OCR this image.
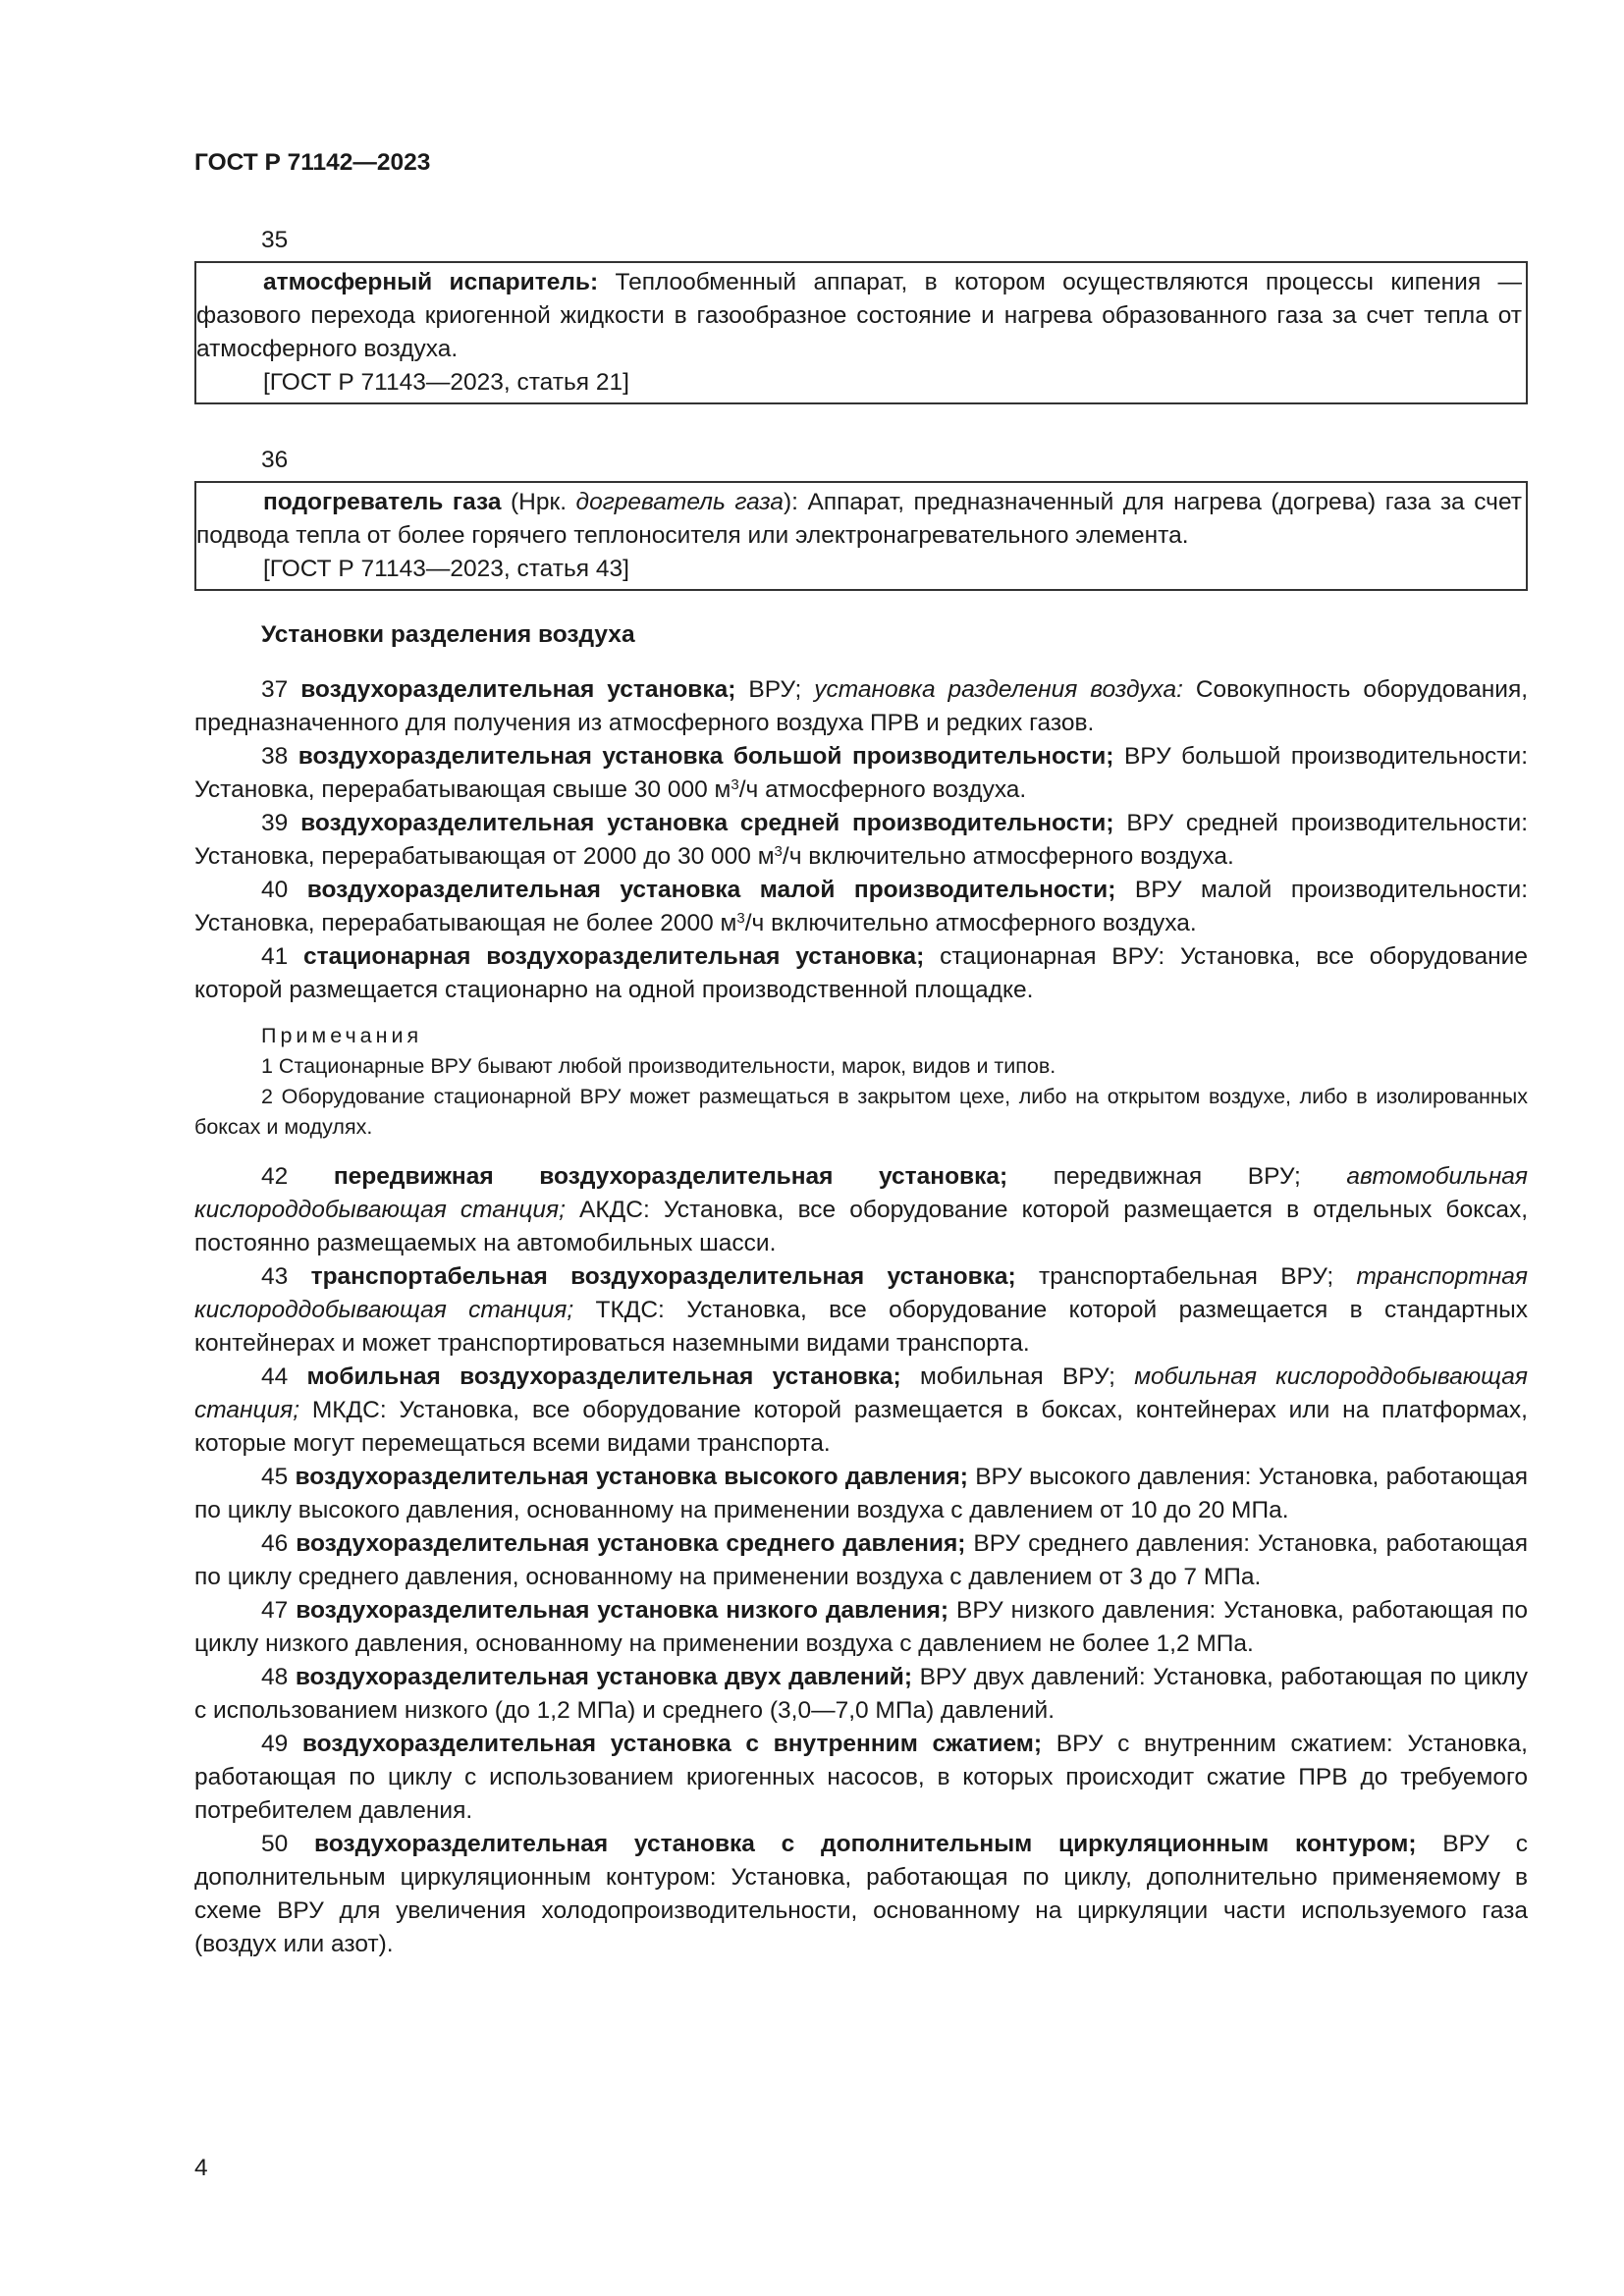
ГОСТ Р 71142—2023
35

атмосферный испаритель: Теплообменный аппарат, в котором осуществляются процессы кипения — фазового перехода криогенной жидкости в газообразное состояние и нагрева образованного газа за счет тепла от атмосферного воздуха.

[ГОСТ Р 71143—2023, статья 21]

36

подогреватель газа (Нрк. догреватель газа): Аппарат, предназначенный для нагрева (догрева) газа за счет подвода тепла от более горячего теплоносителя или электронагревательного элемента.

[ГОСТ Р 71143—2023, статья 43]

Установки разделения воздуха

37 воздухоразделительная установка; ВРУ; установка разделения воздуха: Совокупность оборудования, предназначенного для получения из атмосферного воздуха ПРВ и редких газов.

38 воздухоразделительная установка большой производительности; ВРУ большой производительности: Установка, перерабатывающая свыше 30 000 $м^3/ч$ атмосферного воздуха.

39 воздухоразделительная установка средней производительности; ВРУ средней производительности: Установка, перерабатывающая от 2000 до 30 000 $м^3/ч$ включительно атмосферного воздуха.

40 воздухоразделительная установка малой производительности; ВРУ малой производительности: Установка, перерабатывающая не более 2000 $м^3/ч$ включительно атмосферного воздуха.

41 стационарная воздухоразделительная установка; стационарная ВРУ: Установка, все оборудование которой размещается стационарно на одной производственной площадке.

Примечания

1 Стационарные ВРУ бывают любой производительности, марок, видов и типов.

2 Оборудование стационарной ВРУ может размещаться в закрытом цехе, либо на открытом воздухе, либо в изолированных боксах и модулях.

42 передвижная воздухоразделительная установка; передвижная ВРУ; автомобильная кислороддобывающая станция; АКДС: Установка, все оборудование которой размещается в отдельных боксах, постоянно размещаемых на автомобильных шасси.

43 транспортабельная воздухоразделительная установка; транспортабельная ВРУ; транспортная кислороддобывающая станция; ТКДС: Установка, все оборудование которой размещается в стандартных контейнерах и может транспортироваться наземными видами транспорта.

44 мобильная воздухоразделительная установка; мобильная ВРУ; мобильная кислороддобывающая станция; МКДС: Установка, все оборудование которой размещается в боксах, контейнерах или на платформах, которые могут перемещаться всеми видами транспорта.

45 воздухоразделительная установка высокого давления; ВРУ высокого давления: Установка, работающая по циклу высокого давления, основанному на применении воздуха с давлением от 10 до 20 МПа.

46 воздухоразделительная установка среднего давления; ВРУ среднего давления: Установка, работающая по циклу среднего давления, основанному на применении воздуха с давлением от 3 до 7 МПа.

47 воздухоразделительная установка низкого давления; ВРУ низкого давления: Установка, работающая по циклу низкого давления, основанному на применении воздуха с давлением не более 1,2 МПа.

48 воздухоразделительная установка двух давлений; ВРУ двух давлений: Установка, работающая по циклу с использованием низкого (до 1,2 МПа) и среднего (3,0—7,0 МПа) давлений.

49 воздухоразделительная установка с внутренним сжатием; ВРУ с внутренним сжатием: Установка, работающая по циклу с использованием криогенных насосов, в которых происходит сжатие ПРВ до требуемого потребителем давления.

50 воздухоразделительная установка с дополнительным циркуляционным контуром; ВРУ с дополнительным циркуляционным контуром: Установка, работающая по циклу, дополнительно применяемому в схеме ВРУ для увеличения холодопроизводительности, основанному на циркуляции части используемого газа (воздух или азот).

4
